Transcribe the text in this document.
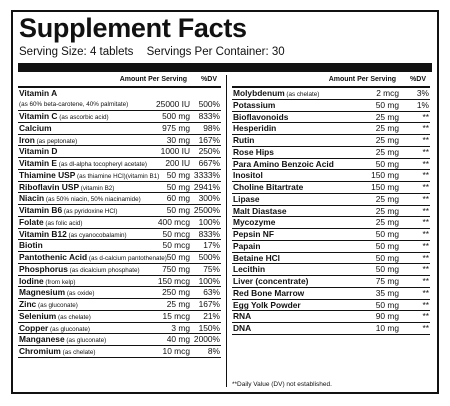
Supplement Facts
Serving Size: 4 tablets Servings Per Container: 30
Amount Per Serving %DV
Vitamin A
(as 60% beta-carotene, 40% palmitate)	25000 IU 500%
Vitamin C (as ascorbic acid)	500 mg 833%
Calcium	975 mg 98%
Iron (as peptonate)	30 mg 167%
Vitamin D	1000 IU 250%
Vitamin E (as dl-alpha tocopheryl acetate) 200 IU 667%
Thiamine USP (as thiamine HCl)(vitamin B1) 50 mg 3333%
Riboflavin USP (vitamin B2)	50 mg 2941%
Niacin (as 50% niacin, 50% niacinamide)	60 mg 300%
Vitamin B6 (as pyridoxine HCl)	50 mg 2500%
Folate (as folic acid)	400 mcg 100%
Vitamin B12 (as cyanocobalamin)	50 mcg 833%
Biotin	50 mcg 17%
Pantothenic Acid (as d-calcium pantothenate) 50 mg 500%
Phosphorus (as dicalcium phosphate)	750 mg 75%
Iodine (from kelp)	150 mcg 100%
Magnesium (as oxide)	250 mg 63%
Zinc (as gluconate)	25 mg 167%
Selenium (as chelate)	15 mcg 21%
Copper (as gluconate)	3 mg 150%
Manganese (as gluconate)	40 mg 2000%
Chromium (as chelate)	10 mcg 8%
Amount Per Serving %DV
Molybdenum (as chelate)	2 mcg 3%
Potassium	50 mg 1%
Bioflavonoids	25 mg	**
Hesperidin	25 mg	**
Rutin	25 mg	**
Rose Hips	25 mg	**
Para Amino Benzoic Acid	50 mg	**
Inositol	150 mg	**
Choline Bitartrate	150 mg	**
Lipase	25 mg	**
Malt Diastase	25 mg	**
Mycozyme	25 mg	**
Pepsin NF	50 mg	**
Papain	50 mg	**
Betaine HCl	50 mg	**
Lecithin	50 mg	**
Liver (concentrate)	75 mg	**
Red Bone Marrow	35 mg	**
Egg Yolk Powder	50 mg	**
RNA	90 mg	**
DNA	10 mg	**
**Daily Value (DV) not established.
